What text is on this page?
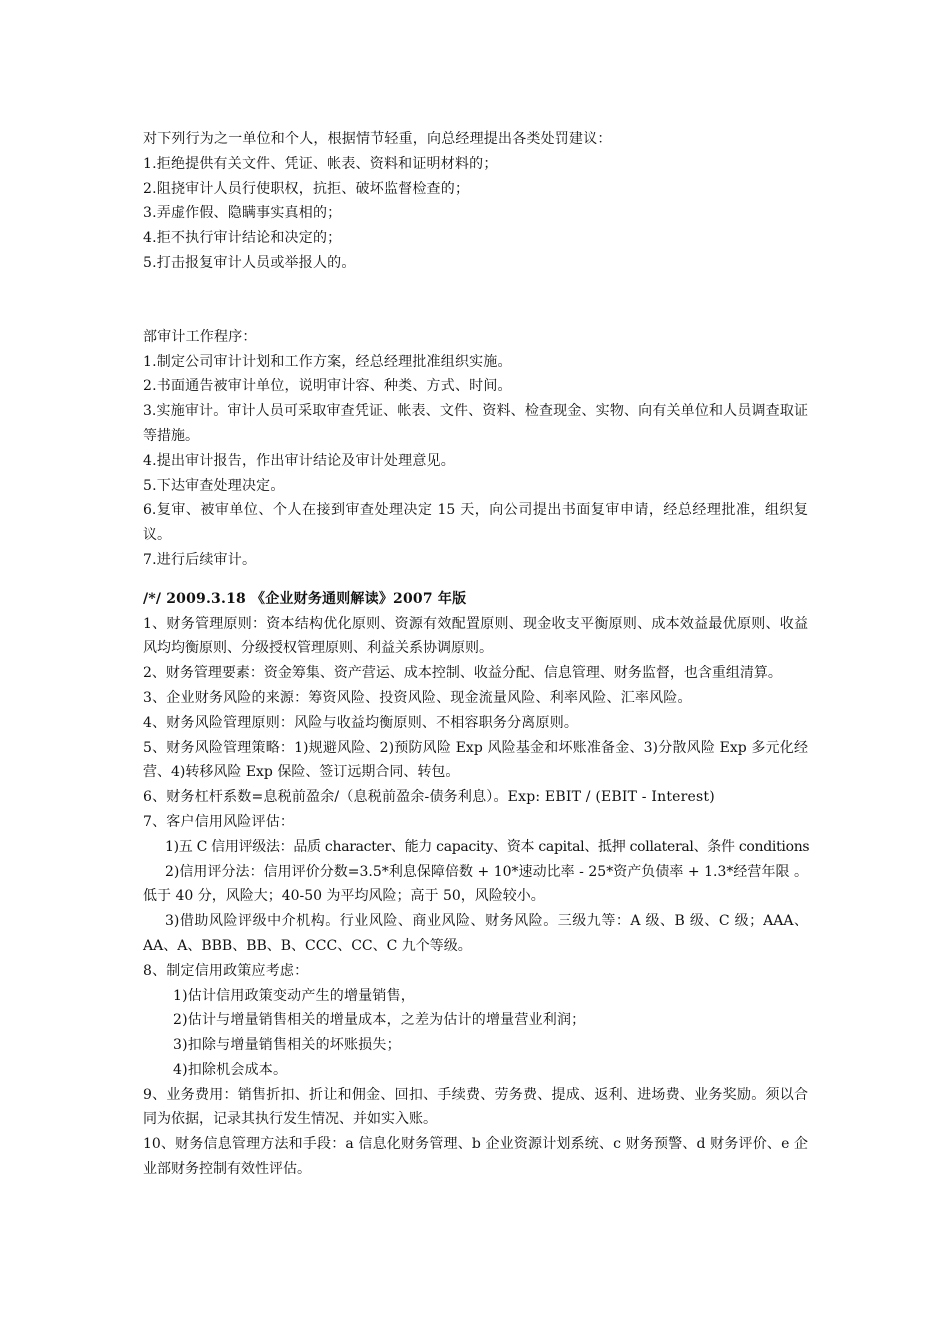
对下列行为之一单位和个人，根据情节轻重，向总经理提出各类处罚建议：
1.拒绝提供有关文件、凭证、帐表、资料和证明材料的；
2.阻挠审计人员行使职权，抗拒、破坏监督检查的；
3.弄虚作假、隐瞒事实真相的；
4.拒不执行审计结论和决定的；
5.打击报复审计人员或举报人的。
部审计工作程序：
1.制定公司审计计划和工作方案，经总经理批准组织实施。
2.书面通告被审计单位，说明审计容、种类、方式、时间。
3.实施审计。审计人员可采取审查凭证、帐表、文件、资料、检查现金、实物、向有关单位和人员调查取证等措施。
4.提出审计报告，作出审计结论及审计处理意见。
5.下达审查处理决定。
6.复审、被审单位、个人在接到审查处理决定 15 天，向公司提出书面复审申请，经总经理批准，组织复议。
7.进行后续审计。
/*/ 2009.3.18 《企业财务通则解读》2007 年版
1、财务管理原则：资本结构优化原则、资源有效配置原则、现金收支平衡原则、成本效益最优原则、收益风均均衡原则、分级授权管理原则、利益关系协调原则。
2、财务管理要素：资金筹集、资产营运、成本控制、收益分配、信息管理、财务监督，也含重组清算。
3、企业财务风险的来源：筹资风险、投资风险、现金流量风险、利率风险、汇率风险。
4、财务风险管理原则：风险与收益均衡原则、不相容职务分离原则。
5、财务风险管理策略：1)规避风险、2)预防风险 Exp 风险基金和坏账准备金、3)分散风险 Exp 多元化经营、4)转移风险 Exp 保险、签订远期合同、转包。
6、财务杠杆系数=息税前盈余/（息税前盈余-债务利息）。Exp: EBIT / (EBIT - Interest)
7、客户信用风险评估：
1)五 C 信用评级法：品质 character、能力 capacity、资本 capital、抵押 collateral、条件 conditions
2)信用评分法：信用评价分数=3.5*利息保障倍数 + 10*速动比率 - 25*资产负债率 + 1.3*经营年限 。低于 40 分，风险大；40-50 为平均风险；高于 50，风险较小。
3)借助风险评级中介机构。行业风险、商业风险、财务风险。三级九等：A 级、B 级、C 级；AAA、AA、A、BBB、BB、B、CCC、CC、C 九个等级。
8、制定信用政策应考虑：
1)估计信用政策变动产生的增量销售，
2)估计与增量销售相关的增量成本，之差为估计的增量营业利润；
3)扣除与增量销售相关的坏账损失；
4)扣除机会成本。
9、业务费用：销售折扣、折让和佣金、回扣、手续费、劳务费、提成、返利、进场费、业务奖励。须以合同为依据，记录其执行发生情况、并如实入账。
10、财务信息管理方法和手段：a 信息化财务管理、b 企业资源计划系统、c 财务预警、d 财务评价、e 企业部财务控制有效性评估。
